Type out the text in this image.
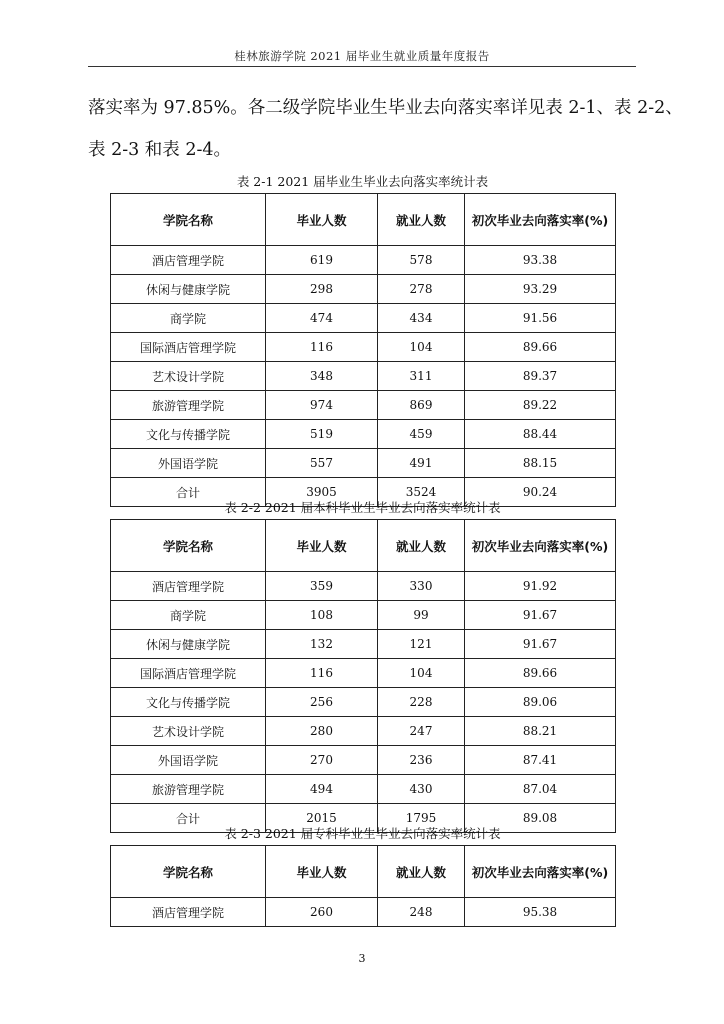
桂林旅游学院 2021 届毕业生就业质量年度报告
落实率为 97.85%。各二级学院毕业生毕业去向落实率详见表 2-1、表 2-2、
表 2-3 和表 2-4。
表 2-1 2021 届毕业生毕业去向落实率统计表
学院名称	毕业人数	就业人数	初次毕业去向落实率(%)
酒店管理学院	619	578	93.38
休闲与健康学院	298	278	93.29
商学院	474	434	91.56
国际酒店管理学院	116	104	89.66
艺术设计学院	348	311	89.37
旅游管理学院	974	869	89.22
文化与传播学院	519	459	88.44
外国语学院	557	491	88.15
合计	3905	3524	90.24
表 2-2 2021 届本科毕业生毕业去向落实率统计表
学院名称	毕业人数	就业人数	初次毕业去向落实率(%)
酒店管理学院	359	330	91.92
商学院	108	99	91.67
休闲与健康学院	132	121	91.67
国际酒店管理学院	116	104	89.66
文化与传播学院	256	228	89.06
艺术设计学院	280	247	88.21
外国语学院	270	236	87.41
旅游管理学院	494	430	87.04
合计	2015	1795	89.08
表 2-3 2021 届专科毕业生毕业去向落实率统计表
学院名称	毕业人数	就业人数	初次毕业去向落实率(%)
酒店管理学院	260	248	95.38
3
